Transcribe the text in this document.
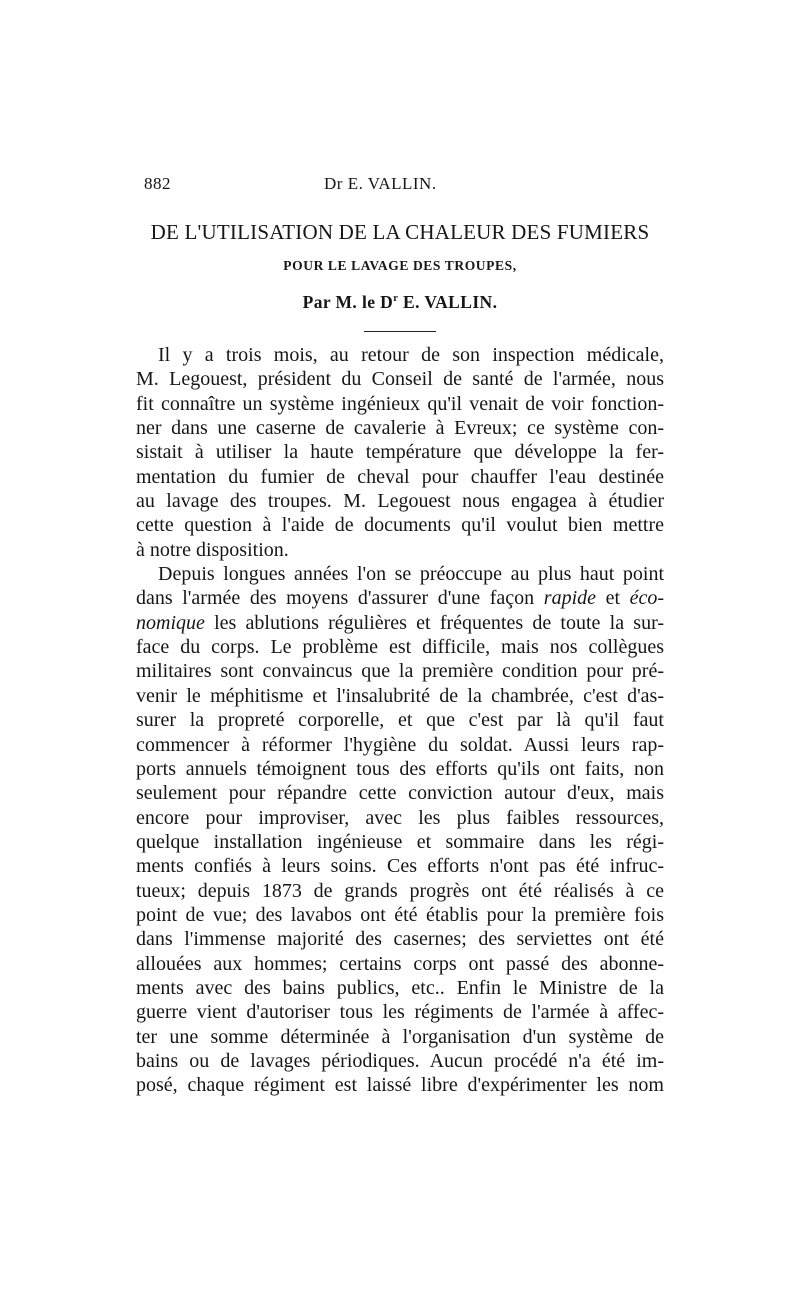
882	Dr E. VALLIN.
DE L'UTILISATION DE LA CHALEUR DES FUMIERS
POUR LE LAVAGE DES TROUPES,
Par M. le $D^r$ E. VALLIN.
Il y a trois mois, au retour de son inspection médicale,
M. Legouest, président du Conseil de santé de l'armée, nous
fit connaître un système ingénieux qu'il venait de voir fonction-
ner dans une caserne de cavalerie à Evreux; ce système con-
sistait à utiliser la haute température que développe la fer-
mentation du fumier de cheval pour chauffer l'eau destinée
au lavage des troupes. M. Legouest nous engagea à étudier
cette question à l'aide de documents qu'il voulut bien mettre
à notre disposition.
Depuis longues années l'on se préoccupe au plus haut point
dans l'armée des moyens d'assurer d'une façon rapide et éco-
nomique les ablutions régulières et fréquentes de toute la sur-
face du corps. Le problème est difficile, mais nos collègues
militaires sont convaincus que la première condition pour pré-
venir le méphitisme et l'insalubrité de la chambrée, c'est d'as-
surer la propreté corporelle, et que c'est par là qu'il faut
commencer à réformer l'hygiène du soldat. Aussi leurs rap-
ports annuels témoignent tous des efforts qu'ils ont faits, non
seulement pour répandre cette conviction autour d'eux, mais
encore pour improviser, avec les plus faibles ressources,
quelque installation ingénieuse et sommaire dans les régi-
ments confiés à leurs soins. Ces efforts n'ont pas été infruc-
tueux; depuis 1873 de grands progrès ont été réalisés à ce
point de vue; des lavabos ont été établis pour la première fois
dans l'immense majorité des casernes; des serviettes ont été
allouées aux hommes; certains corps ont passé des abonne-
ments avec des bains publics, etc.. Enfin le Ministre de la
guerre vient d'autoriser tous les régiments de l'armée à affec-
ter une somme déterminée à l'organisation d'un système de
bains ou de lavages périodiques. Aucun procédé n'a été im-
posé, chaque régiment est laissé libre d'expérimenter les nom
